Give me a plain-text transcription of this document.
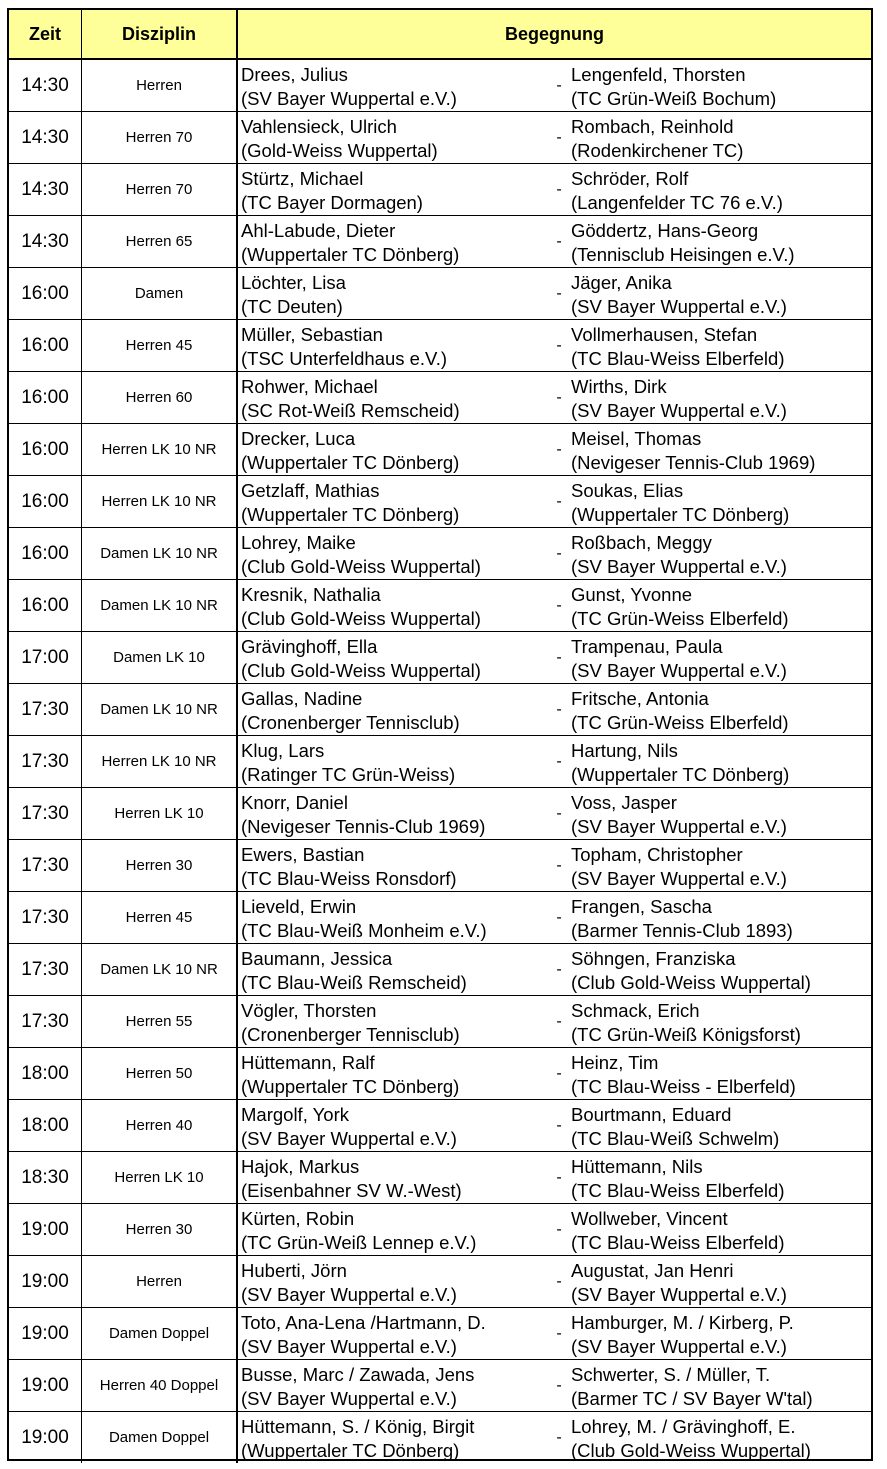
Zeit	Disziplin	Begegnung
14:30	Herren
Drees, Julius
(SV Bayer Wuppertal e.V.)
-
Lengenfeld, Thorsten
(TC Grün-Weiß Bochum)
14:30	Herren 70
Vahlensieck, Ulrich
(Gold-Weiss Wuppertal)
-
Rombach, Reinhold
(Rodenkirchener TC)
14:30	Herren 70
Stürtz, Michael
(TC Bayer Dormagen)
-
Schröder, Rolf
(Langenfelder TC 76 e.V.)
14:30	Herren 65
Ahl-Labude, Dieter
(Wuppertaler TC Dönberg)
-
Göddertz, Hans-Georg
(Tennisclub Heisingen e.V.)
16:00	Damen
Löchter, Lisa
(TC Deuten)
-
Jäger, Anika
(SV Bayer Wuppertal e.V.)
16:00	Herren 45
Müller, Sebastian
(TSC Unterfeldhaus e.V.)
-
Vollmerhausen, Stefan
(TC Blau-Weiss Elberfeld)
16:00	Herren 60
Rohwer, Michael
(SC Rot-Weiß Remscheid)
-
Wirths, Dirk
(SV Bayer Wuppertal e.V.)
16:00	Herren LK 10 NR
Drecker, Luca
(Wuppertaler TC Dönberg)
-
Meisel, Thomas
(Nevigeser Tennis-Club 1969)
16:00	Herren LK 10 NR
Getzlaff, Mathias
(Wuppertaler TC Dönberg)
-
Soukas, Elias
(Wuppertaler TC Dönberg)
16:00	Damen LK 10 NR
Lohrey, Maike
(Club Gold-Weiss Wuppertal)
-
Roßbach, Meggy
(SV Bayer Wuppertal e.V.)
16:00	Damen LK 10 NR
Kresnik, Nathalia
(Club Gold-Weiss Wuppertal)
-
Gunst, Yvonne
(TC Grün-Weiss Elberfeld)
17:00	Damen LK 10
Grävinghoff, Ella
(Club Gold-Weiss Wuppertal)
-
Trampenau, Paula
(SV Bayer Wuppertal e.V.)
17:30	Damen LK 10 NR
Gallas, Nadine
(Cronenberger Tennisclub)
-
Fritsche, Antonia
(TC Grün-Weiss Elberfeld)
17:30	Herren LK 10 NR
Klug, Lars
(Ratinger TC Grün-Weiss)
-
Hartung, Nils
(Wuppertaler TC Dönberg)
17:30	Herren LK 10
Knorr, Daniel
(Nevigeser Tennis-Club 1969)
-
Voss, Jasper
(SV Bayer Wuppertal e.V.)
17:30	Herren 30
Ewers, Bastian
(TC Blau-Weiss Ronsdorf)
-
Topham, Christopher
(SV Bayer Wuppertal e.V.)
17:30	Herren 45
Lieveld, Erwin
(TC Blau-Weiß Monheim e.V.)
-
Frangen, Sascha
(Barmer Tennis-Club 1893)
17:30	Damen LK 10 NR
Baumann, Jessica
(TC Blau-Weiß Remscheid)
-
Söhngen, Franziska
(Club Gold-Weiss Wuppertal)
17:30	Herren 55
Vögler, Thorsten
(Cronenberger Tennisclub)
-
Schmack, Erich
(TC Grün-Weiß Königsforst)
18:00	Herren 50
Hüttemann, Ralf
(Wuppertaler TC Dönberg)
-
Heinz, Tim
(TC Blau-Weiss - Elberfeld)
18:00	Herren 40
Margolf, York
(SV Bayer Wuppertal e.V.)
-
Bourtmann, Eduard
(TC Blau-Weiß Schwelm)
18:30	Herren LK 10
Hajok, Markus
(Eisenbahner SV W.-West)
-
Hüttemann, Nils
(TC Blau-Weiss Elberfeld)
19:00	Herren 30
Kürten, Robin
(TC Grün-Weiß Lennep e.V.)
-
Wollweber, Vincent
(TC Blau-Weiss Elberfeld)
19:00	Herren
Huberti, Jörn
(SV Bayer Wuppertal e.V.)
-
Augustat, Jan Henri
(SV Bayer Wuppertal e.V.)
19:00	Damen Doppel
Toto, Ana-Lena /Hartmann, D.
(SV Bayer Wuppertal e.V.)
-
Hamburger, M. / Kirberg, P.
(SV Bayer Wuppertal e.V.)
19:00	Herren 40 Doppel
Busse, Marc / Zawada, Jens
(SV Bayer Wuppertal e.V.)
-
Schwerter, S. / Müller, T.
(Barmer TC / SV Bayer W'tal)
19:00	Damen Doppel
Hüttemann, S. / König, Birgit
(Wuppertaler TC Dönberg)
-
Lohrey, M. / Grävinghoff, E.
(Club Gold-Weiss Wuppertal)
